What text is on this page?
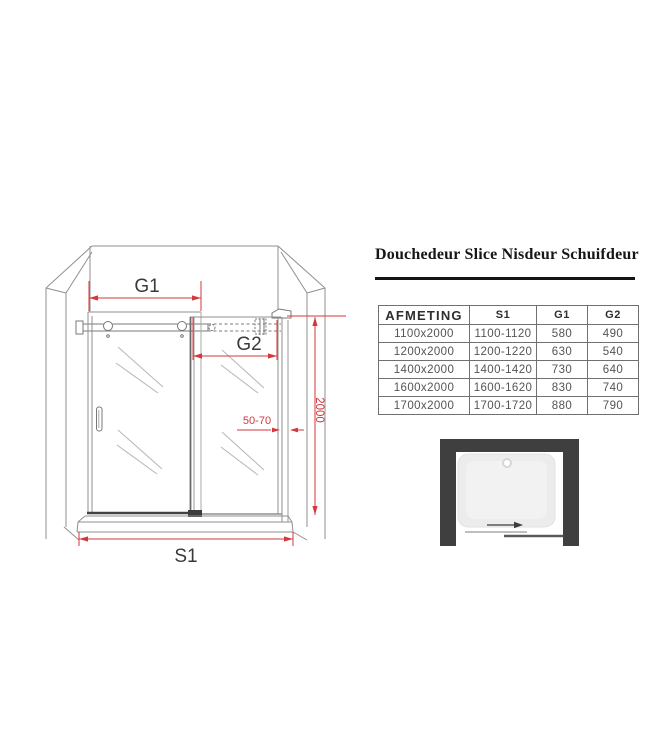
G1
G2
2000
50-70
S1
Douchedeur Slice Nisdeur Schuifdeur
AFMETING	S1	G1	G2
1100x2000	1100-1120	580	490
1200x2000	1200-1220	630	540
1400x2000	1400-1420	730	640
1600x2000	1600-1620	830	740
1700x2000	1700-1720	880	790
